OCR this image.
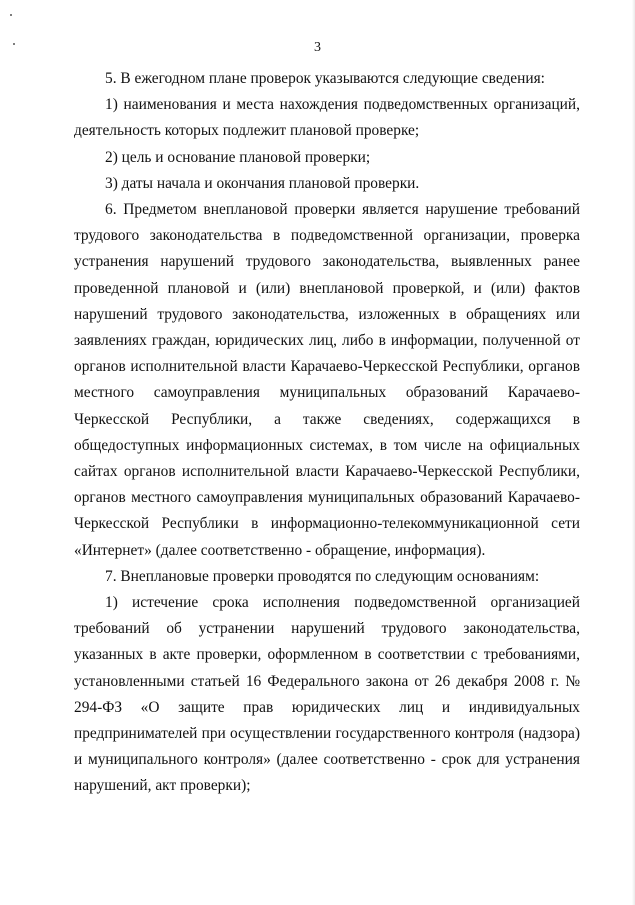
3

5. В ежегодном плане проверок указываются следующие сведения:

1) наименования и места нахождения подведомственных организаций, деятельность которых подлежит плановой проверке;

2) цель и основание плановой проверки;

3) даты начала и окончания плановой проверки.

6. Предметом внеплановой проверки является нарушение требований трудового законодательства в подведомственной организации, проверка устранения нарушений трудового законодательства, выявленных ранее проведенной плановой и (или) внеплановой проверкой, и (или) фактов нарушений трудового законодательства, изложенных в обращениях или заявлениях граждан, юридических лиц, либо в информации, полученной от органов исполнительной власти Карачаево-Черкесской Республики, органов местного самоуправления муниципальных образований Карачаево-Черкесской Республики, а также сведениях, содержащихся в общедоступных информационных системах, в том числе на официальных сайтах органов исполнительной власти Карачаево-Черкесской Республики, органов местного самоуправления муниципальных образований Карачаево-Черкесской Республики в информационно-телекоммуникационной сети «Интернет» (далее соответственно - обращение, информация).

7. Внеплановые проверки проводятся по следующим основаниям:

1) истечение срока исполнения подведомственной организацией требований об устранении нарушений трудового законодательства, указанных в акте проверки, оформленном в соответствии с требованиями, установленными статьей 16 Федерального закона от 26 декабря 2008 г. № 294-ФЗ «О защите прав юридических лиц и индивидуальных предпринимателей при осуществлении государственного контроля (надзора) и муниципального контроля» (далее соответственно - срок для устранения нарушений, акт проверки);
